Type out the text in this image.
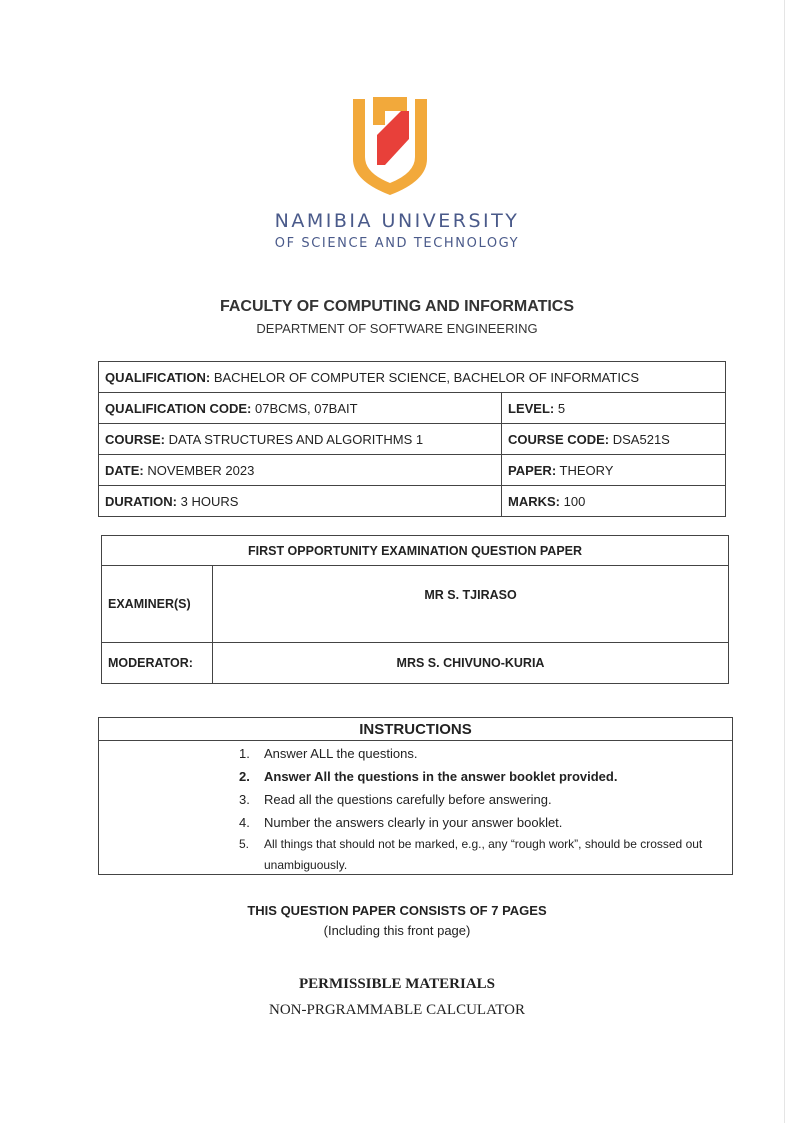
NAMIBIA UNIVERSITY
OF SCIENCE AND TECHNOLOGY
FACULTY OF COMPUTING AND INFORMATICS
DEPARTMENT OF SOFTWARE ENGINEERING
QUALIFICATION: BACHELOR OF COMPUTER SCIENCE, BACHELOR OF INFORMATICS	
QUALIFICATION CODE: 07BCMS, 07BAIT	LEVEL: 5
COURSE: DATA STRUCTURES AND ALGORITHMS 1	COURSE CODE: DSA521S
DATE: NOVEMBER 2023	PAPER: THEORY
DURATION: 3 HOURS	MARKS: 100
FIRST OPPORTUNITY EXAMINATION QUESTION PAPER	
EXAMINER(S)	MR S. TJIRASO
MODERATOR:	MRS S. CHIVUNO-KURIA
INSTRUCTIONS
1.	Answer ALL the questions.
2.	Answer All the questions in the answer booklet provided.
3.	Read all the questions carefully before answering.
4.	Number the answers clearly in your answer booklet.
5.	All things that should not be marked, e.g., any “rough work”, should be crossed out unambiguously.
THIS QUESTION PAPER CONSISTS OF 7 PAGES
(Including this front page)
PERMISSIBLE MATERIALS
NON-PRGRAMMABLE CALCULATOR
